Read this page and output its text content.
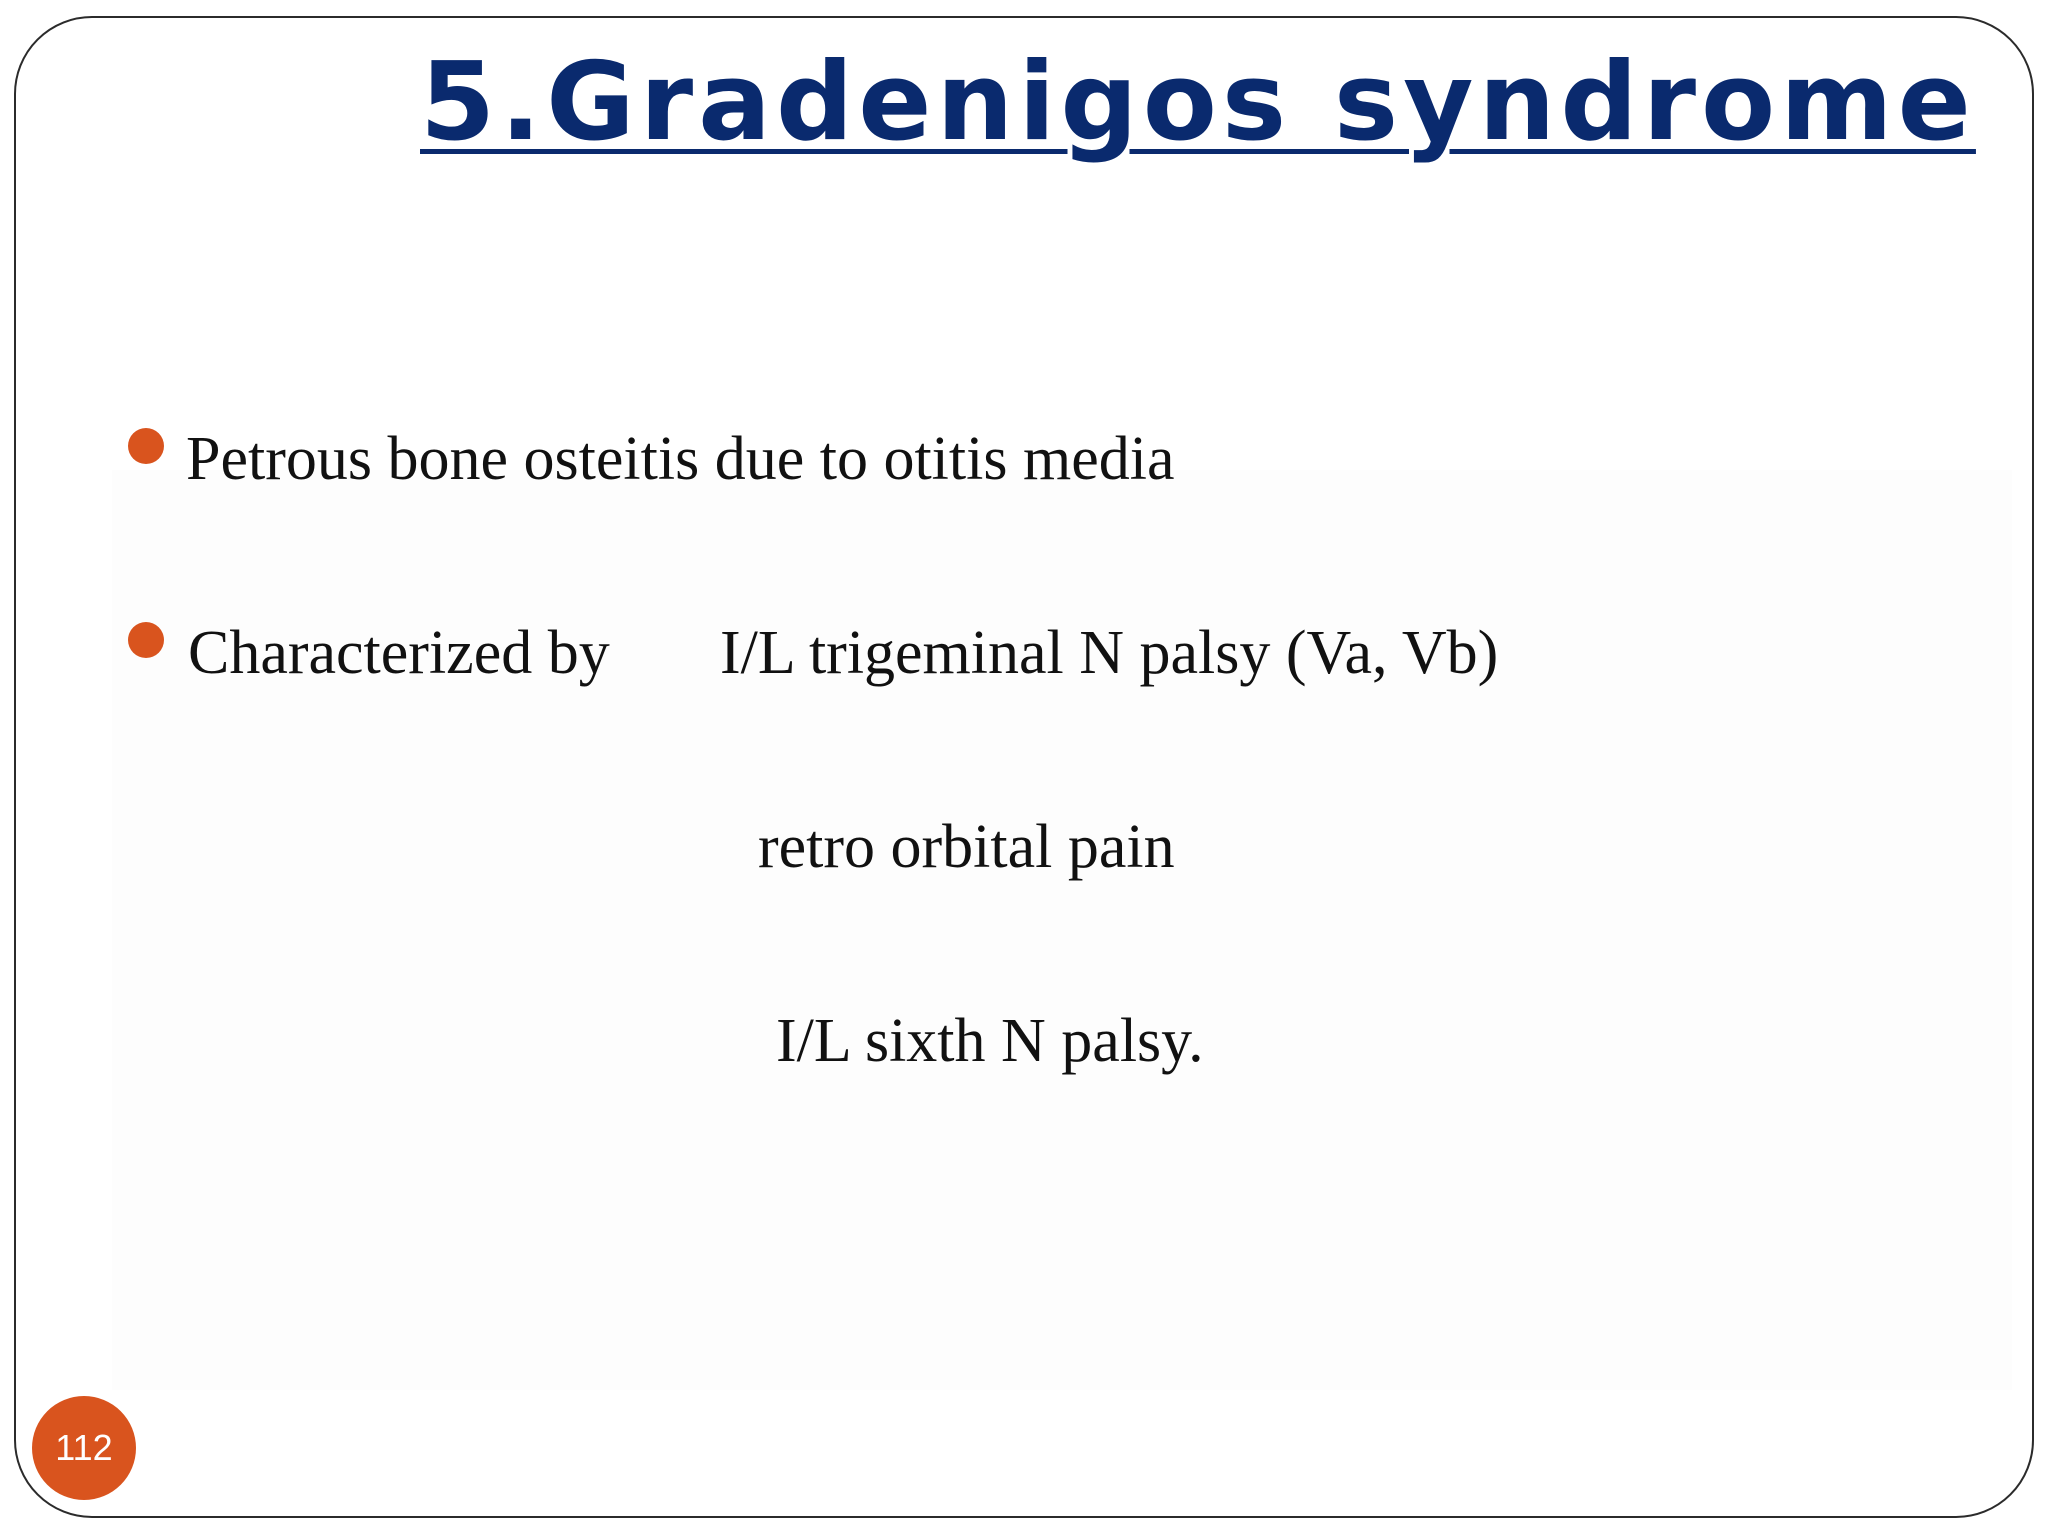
5.Gradenigos syndrome

Petrous bone osteitis due to otitis media

Characterized by I/L trigeminal N palsy (Va, Vb)

retro orbital pain

I/L sixth N palsy.

112
